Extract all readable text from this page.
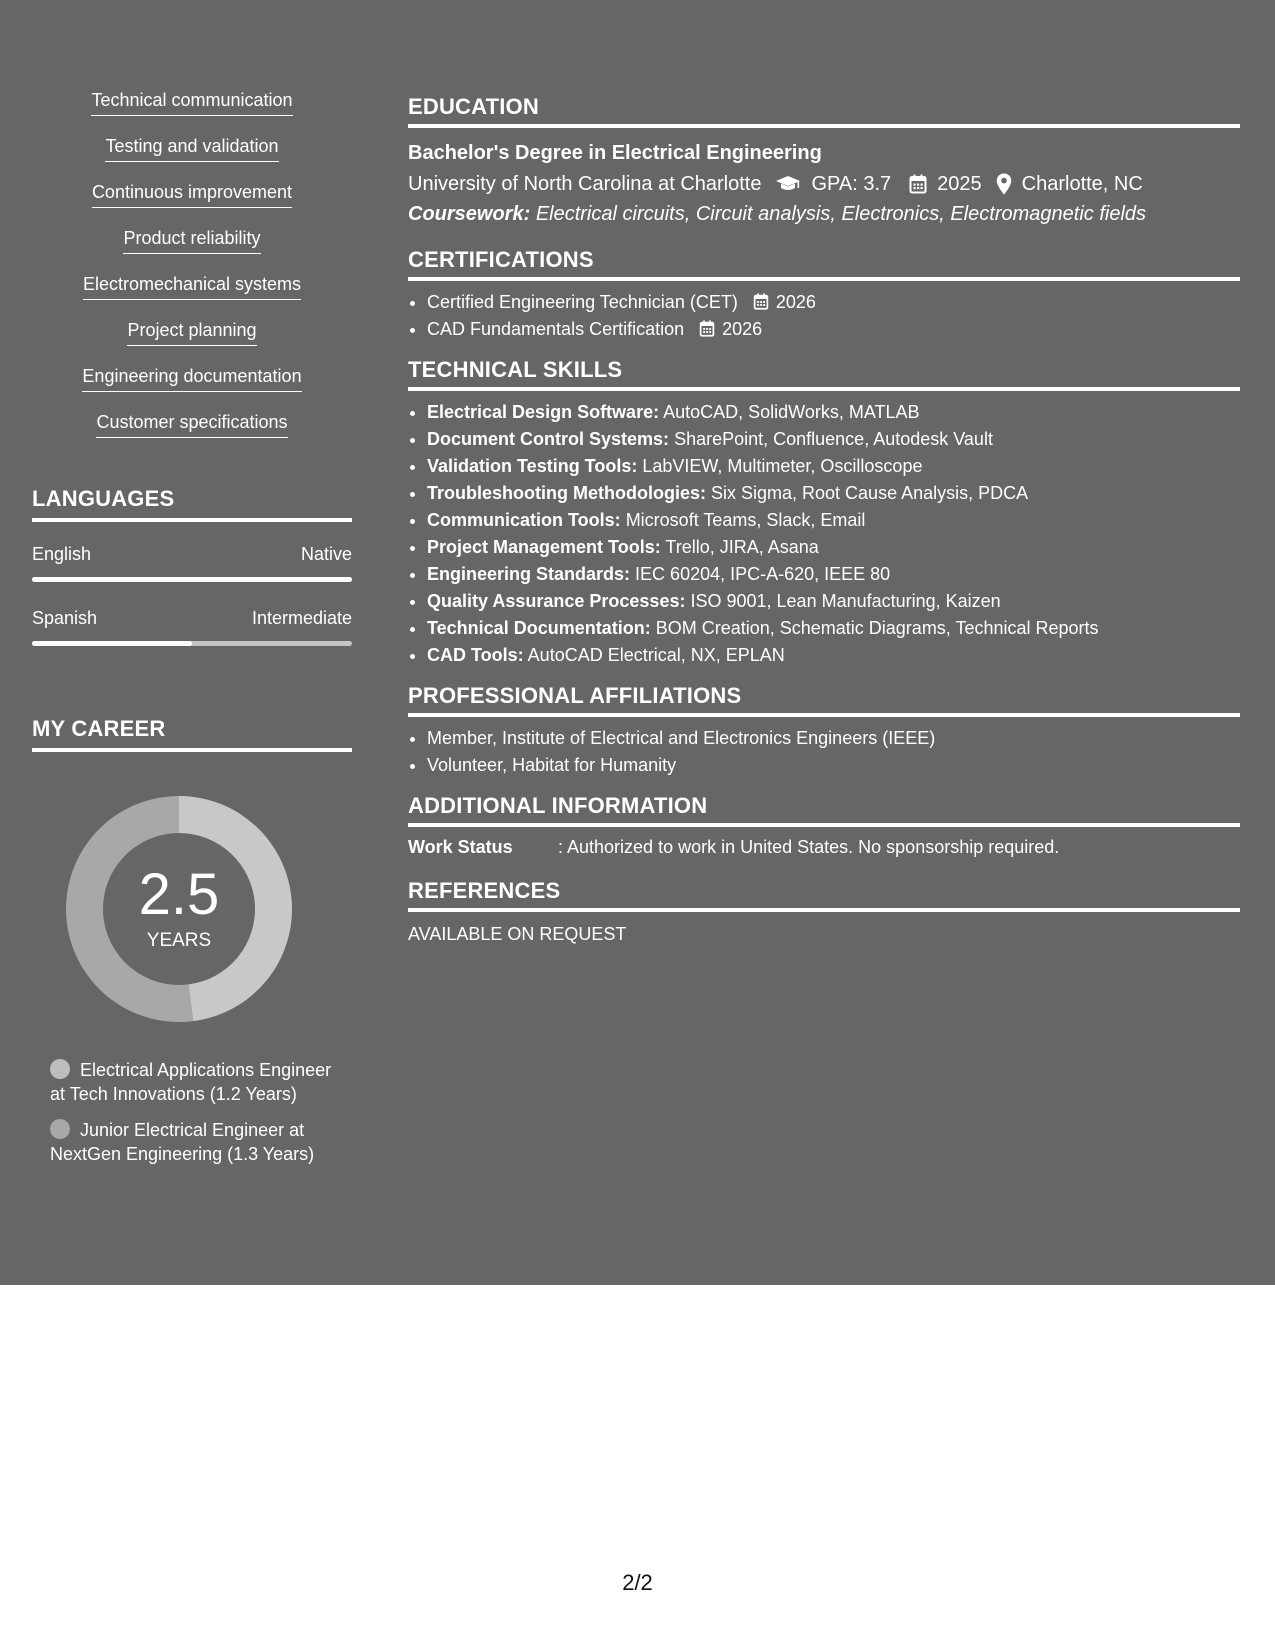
Technical communication
Testing and validation
Continuous improvement
Product reliability
Electromechanical systems
Project planning
Engineering documentation
Customer specifications
LANGUAGES
English	Native
Spanish	Intermediate
MY CAREER
2.5
YEARS
Electrical Applications Engineer at Tech Innovations (1.2 Years)
Junior Electrical Engineer at NextGen Engineering (1.3 Years)
EDUCATION
Bachelor's Degree in Electrical Engineering
University of North Carolina at Charlotte	GPA: 3.7 2025 Charlotte, NC
Coursework: Electrical circuits, Circuit analysis, Electronics, Electromagnetic fields
CERTIFICATIONS
• Certified Engineering Technician (CET) 2026
• CAD Fundamentals Certification 2026
TECHNICAL SKILLS
• Electrical Design Software: AutoCAD, SolidWorks, MATLAB
• Document Control Systems: SharePoint, Confluence, Autodesk Vault
• Validation Testing Tools: LabVIEW, Multimeter, Oscilloscope
• Troubleshooting Methodologies: Six Sigma, Root Cause Analysis, PDCA
• Communication Tools: Microsoft Teams, Slack, Email
• Project Management Tools: Trello, JIRA, Asana
• Engineering Standards: IEC 60204, IPC-A-620, IEEE 80
• Quality Assurance Processes: ISO 9001, Lean Manufacturing, Kaizen
• Technical Documentation: BOM Creation, Schematic Diagrams, Technical Reports
• CAD Tools: AutoCAD Electrical, NX, EPLAN
PROFESSIONAL AFFILIATIONS
• Member, Institute of Electrical and Electronics Engineers (IEEE)
• Volunteer, Habitat for Humanity
ADDITIONAL INFORMATION
Work Status	: Authorized to work in United States. No sponsorship required.
REFERENCES
AVAILABLE ON REQUEST
2/2
